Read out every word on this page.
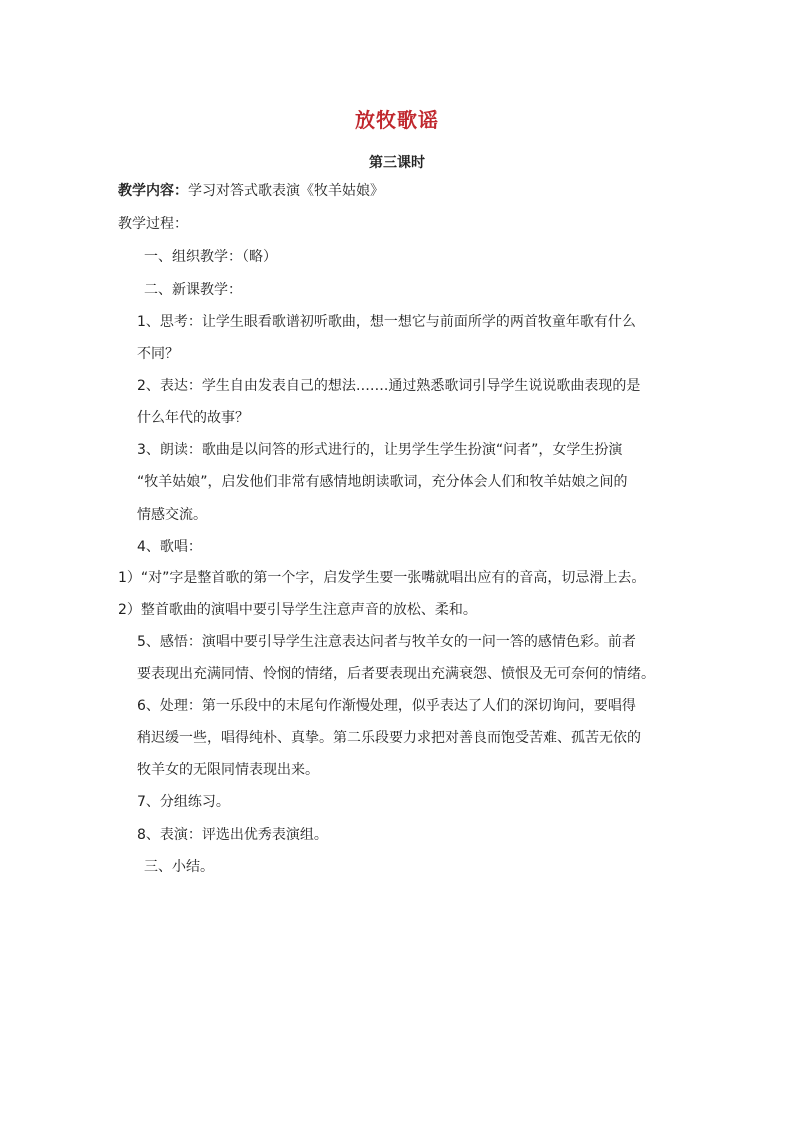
放牧歌谣
第三课时
教学内容：学习对答式歌表演《牧羊姑娘》
教学过程：
一、组织教学：（略）
二、新课教学：
1、思考：让学生眼看歌谱初听歌曲，想一想它与前面所学的两首牧童年歌有什么
不同？
2、表达：学生自由发表自己的想法…….通过熟悉歌词引导学生说说歌曲表现的是
什么年代的故事？
3、朗读：歌曲是以问答的形式进行的，让男学生学生扮演“问者”，女学生扮演
“牧羊姑娘”，启发他们非常有感情地朗读歌词，充分体会人们和牧羊姑娘之间的
情感交流。
4、歌唱：
1）“对”字是整首歌的第一个字，启发学生要一张嘴就唱出应有的音高，切忌滑上去。
2）整首歌曲的演唱中要引导学生注意声音的放松、柔和。
5、感悟：演唱中要引导学生注意表达问者与牧羊女的一问一答的感情色彩。前者
要表现出充满同情、怜悯的情绪，后者要表现出充满衰怨、愤恨及无可奈何的情绪。
6、处理：第一乐段中的末尾句作渐慢处理，似乎表达了人们的深切询问，要唱得
稍迟缓一些，唱得纯朴、真挚。第二乐段要力求把对善良而饱受苦难、孤苦无依的
牧羊女的无限同情表现出来。
7、分组练习。
8、表演：评选出优秀表演组。
三、小结。
